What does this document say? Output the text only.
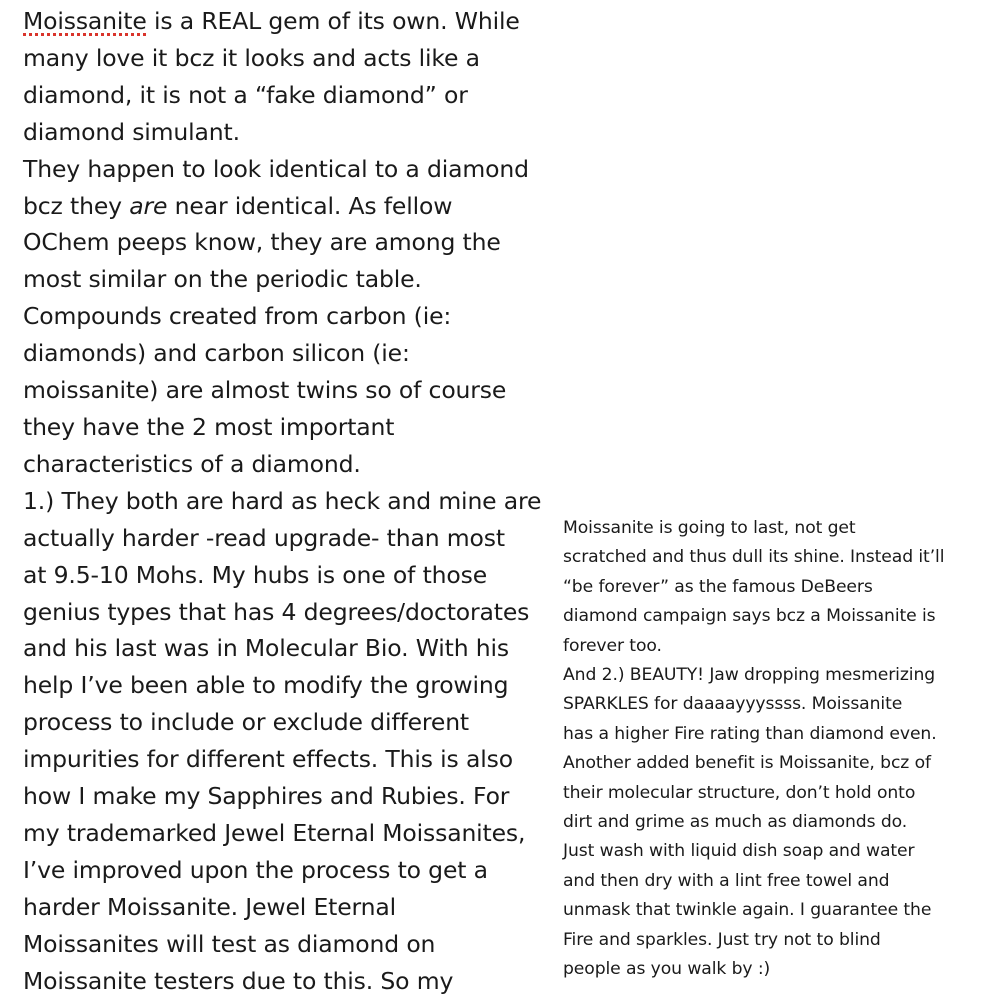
Moissanite is a REAL gem of its own. While
many love it bcz it looks and acts like a
diamond, it is not a “fake diamond” or
diamond simulant.
They happen to look identical to a diamond
bcz they are near identical. As fellow
OChem peeps know, they are among the
most similar on the periodic table.
Compounds created from carbon (ie:
diamonds) and carbon silicon (ie:
moissanite) are almost twins so of course
they have the 2 most important
characteristics of a diamond.
1.) They both are hard as heck and mine are
actually harder -read upgrade- than most
at 9.5-10 Mohs. My hubs is one of those
genius types that has 4 degrees/doctorates
and his last was in Molecular Bio. With his
help I’ve been able to modify the growing
process to include or exclude different
impurities for different effects. This is also
how I make my Sapphires and Rubies. For
my trademarked Jewel Eternal Moissanites,
I’ve improved upon the process to get a
harder Moissanite. Jewel Eternal
Moissanites will test as diamond on
Moissanite testers due to this. So my
Moissanite is going to last, not get
scratched and thus dull its shine. Instead it’ll
“be forever” as the famous DeBeers
diamond campaign says bcz a Moissanite is
forever too.
And 2.) BEAUTY! Jaw dropping mesmerizing
SPARKLES for daaaayyyssss. Moissanite
has a higher Fire rating than diamond even.
Another added benefit is Moissanite, bcz of
their molecular structure, don’t hold onto
dirt and grime as much as diamonds do.
Just wash with liquid dish soap and water
and then dry with a lint free towel and
unmask that twinkle again. I guarantee the
Fire and sparkles. Just try not to blind
people as you walk by :)
